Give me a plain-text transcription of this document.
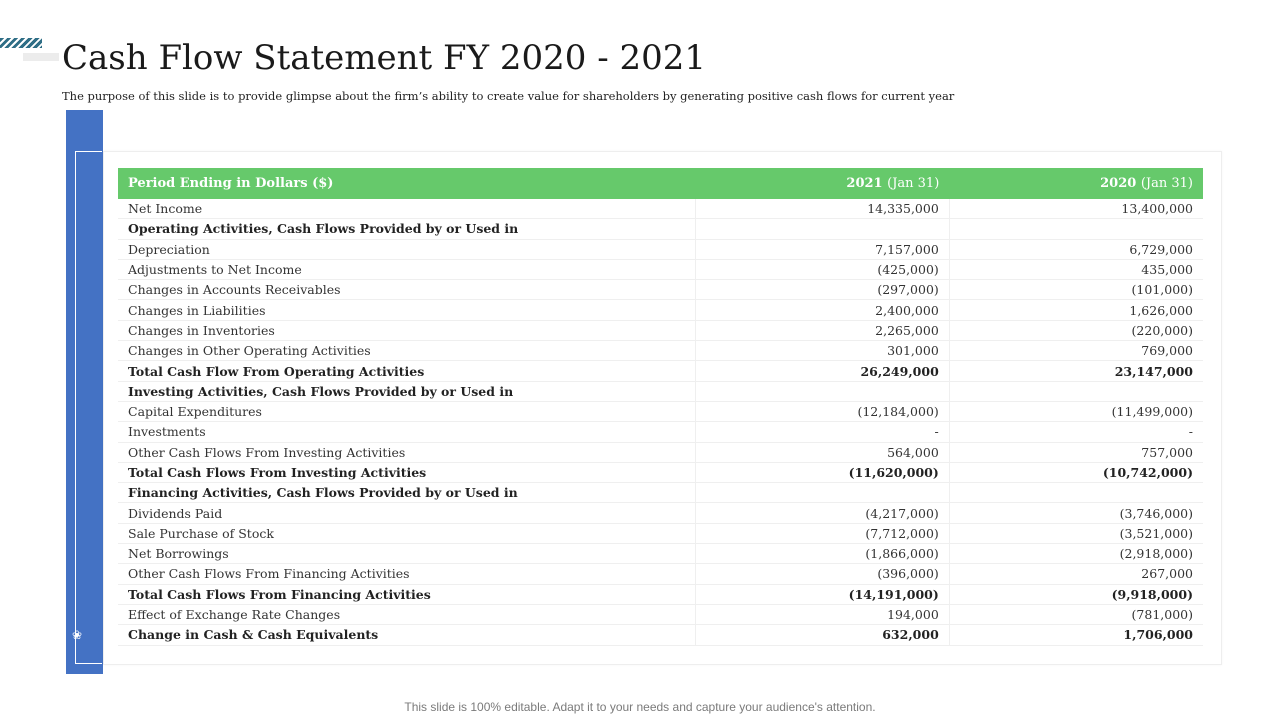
Cash Flow Statement FY 2020 - 2021

The purpose of this slide is to provide glimpse about the firm’s ability to create value for shareholders by generating positive cash flows for current year

❀
Period Ending in Dollars ($)	2021 (Jan 31)	2020 (Jan 31)
Net Income	14,335,000	13,400,000
Operating Activities, Cash Flows Provided by or Used in		
Depreciation	7,157,000	6,729,000
Adjustments to Net Income	(425,000)	435,000
Changes in Accounts Receivables	(297,000)	(101,000)
Changes in Liabilities	2,400,000	1,626,000
Changes in Inventories	2,265,000	(220,000)
Changes in Other Operating Activities	301,000	769,000
Total Cash Flow From Operating Activities	26,249,000	23,147,000
Investing Activities, Cash Flows Provided by or Used in		
Capital Expenditures	(12,184,000)	(11,499,000)
Investments	-	-
Other Cash Flows From Investing Activities	564,000	757,000
Total Cash Flows From Investing Activities	(11,620,000)	(10,742,000)
Financing Activities, Cash Flows Provided by or Used in		
Dividends Paid	(4,217,000)	(3,746,000)
Sale Purchase of Stock	(7,712,000)	(3,521,000)
Net Borrowings	(1,866,000)	(2,918,000)
Other Cash Flows From Financing Activities	(396,000)	267,000
Total Cash Flows From Financing Activities	(14,191,000)	(9,918,000)
Effect of Exchange Rate Changes	194,000	(781,000)
Change in Cash & Cash Equivalents	632,000	1,706,000
This slide is 100% editable. Adapt it to your needs and capture your audience's attention.
